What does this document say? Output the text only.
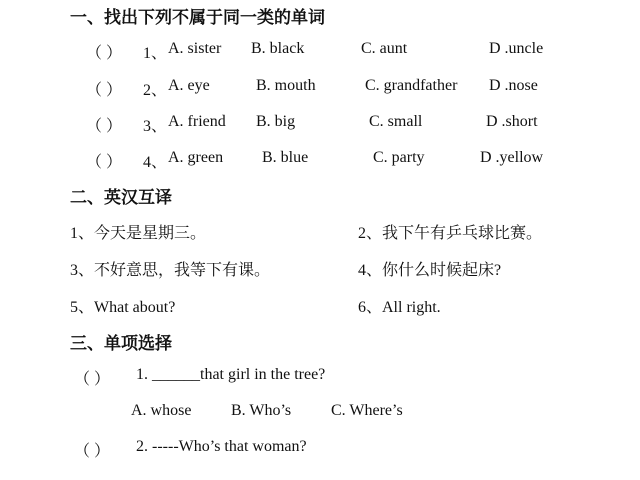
一、找出下列不属于同一类的单词
（ ） 1、 A. sister B. black	C. aunt	D .uncle
（ ） 2、 A. eye	B. mouth	C. grandfather D .nose
（ ） 3、 A. friend B. big	C. small	D .short
（ ） 4、 A. green B. blue	C. party	D .yellow
二、英汉互译
1、今天是星期三。	2、我下午有乒乓球比赛。
3、不好意思，我等下有课。	4、你什么时候起床?
5、What about?	6、All right.
三、单项选择
（ ） 1. ______that girl in the tree?
A. whose B. Who’s C. Where’s
（ ） 2. -----Who’s that woman?
